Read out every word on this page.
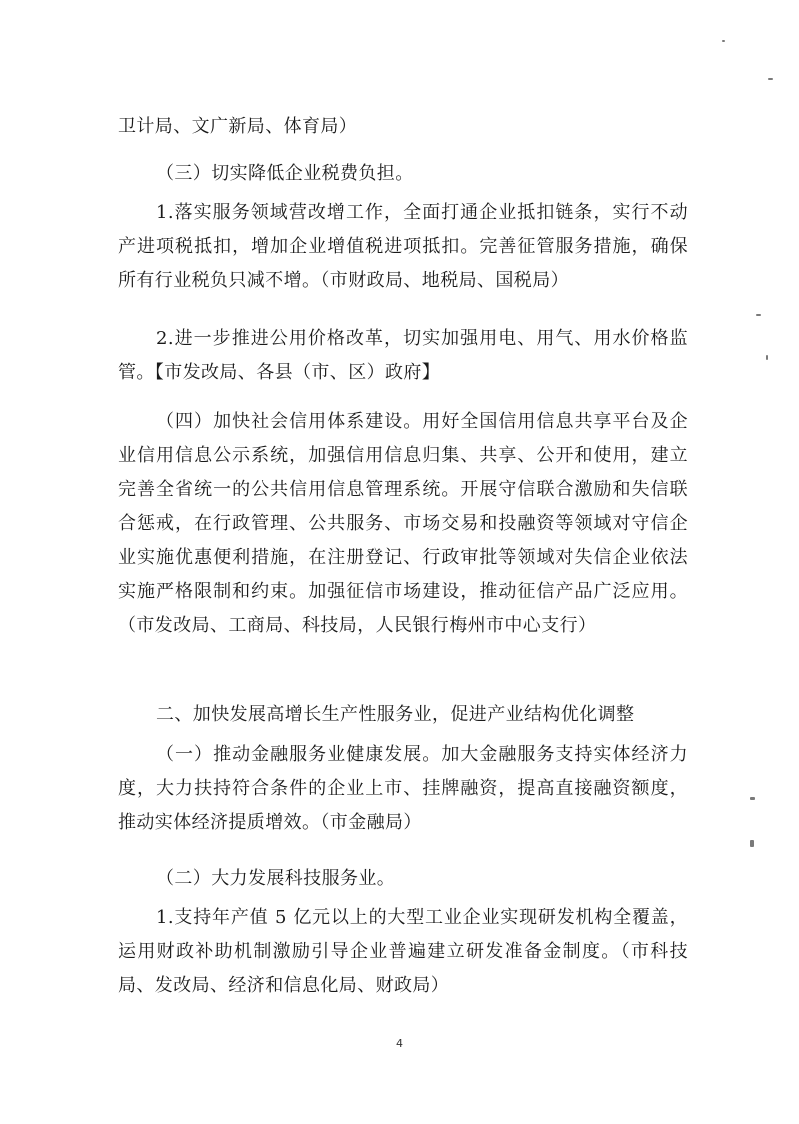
卫计局、文广新局、体育局）

（三）切实降低企业税费负担。

1.落实服务领域营改增工作，全面打通企业抵扣链条，实行不动产进项税抵扣，增加企业增值税进项抵扣。完善征管服务措施，确保所有行业税负只减不增。（市财政局、地税局、国税局）

2.进一步推进公用价格改革，切实加强用电、用气、用水价格监管。【市发改局、各县（市、区）政府】

（四）加快社会信用体系建设。用好全国信用信息共享平台及企业信用信息公示系统，加强信用信息归集、共享、公开和使用，建立完善全省统一的公共信用信息管理系统。开展守信联合激励和失信联合惩戒，在行政管理、公共服务、市场交易和投融资等领域对守信企业实施优惠便利措施，在注册登记、行政审批等领域对失信企业依法实施严格限制和约束。加强征信市场建设，推动征信产品广泛应用。（市发改局、工商局、科技局，人民银行梅州市中心支行）

二、加快发展高增长生产性服务业，促进产业结构优化调整

（一）推动金融服务业健康发展。加大金融服务支持实体经济力度，大力扶持符合条件的企业上市、挂牌融资，提高直接融资额度，推动实体经济提质增效。（市金融局）

（二）大力发展科技服务业。

1.支持年产值 5 亿元以上的大型工业企业实现研发机构全覆盖，运用财政补助机制激励引导企业普遍建立研发准备金制度。（市科技局、发改局、经济和信息化局、财政局）

4
